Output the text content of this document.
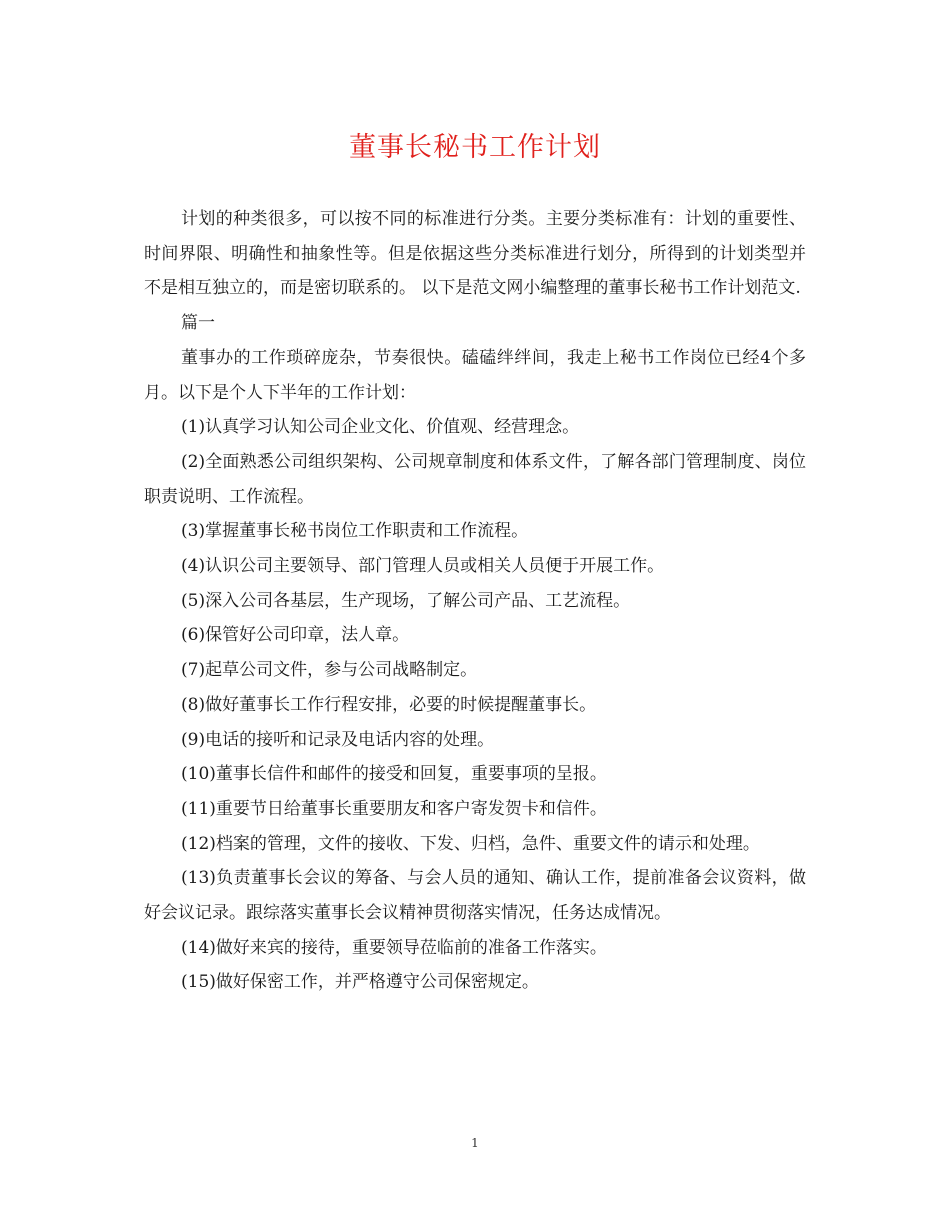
董事长秘书工作计划

计划的种类很多，可以按不同的标准进行分类。主要分类标准有：计划的重要性、时间界限、明确性和抽象性等。但是依据这些分类标准进行划分，所得到的计划类型并不是相互独立的，而是密切联系的。 以下是范文网小编整理的董事长秘书工作计划范文.

篇一

董事办的工作琐碎庞杂，节奏很快。磕磕绊绊间，我走上秘书工作岗位已经4个多月。以下是个人下半年的工作计划：

(1)认真学习认知公司企业文化、价值观、经营理念。

(2)全面熟悉公司组织架构、公司规章制度和体系文件，了解各部门管理制度、岗位职责说明、工作流程。

(3)掌握董事长秘书岗位工作职责和工作流程。

(4)认识公司主要领导、部门管理人员或相关人员便于开展工作。

(5)深入公司各基层，生产现场，了解公司产品、工艺流程。

(6)保管好公司印章，法人章。

(7)起草公司文件，参与公司战略制定。

(8)做好董事长工作行程安排，必要的时候提醒董事长。

(9)电话的接听和记录及电话内容的处理。

(10)董事长信件和邮件的接受和回复，重要事项的呈报。

(11)重要节日给董事长重要朋友和客户寄发贺卡和信件。

(12)档案的管理，文件的接收、下发、归档，急件、重要文件的请示和处理。

(13)负责董事长会议的筹备、与会人员的通知、确认工作，提前准备会议资料，做好会议记录。跟综落实董事长会议精神贯彻落实情况，任务达成情况。

(14)做好来宾的接待，重要领导莅临前的准备工作落实。

(15)做好保密工作，并严格遵守公司保密规定。

1
